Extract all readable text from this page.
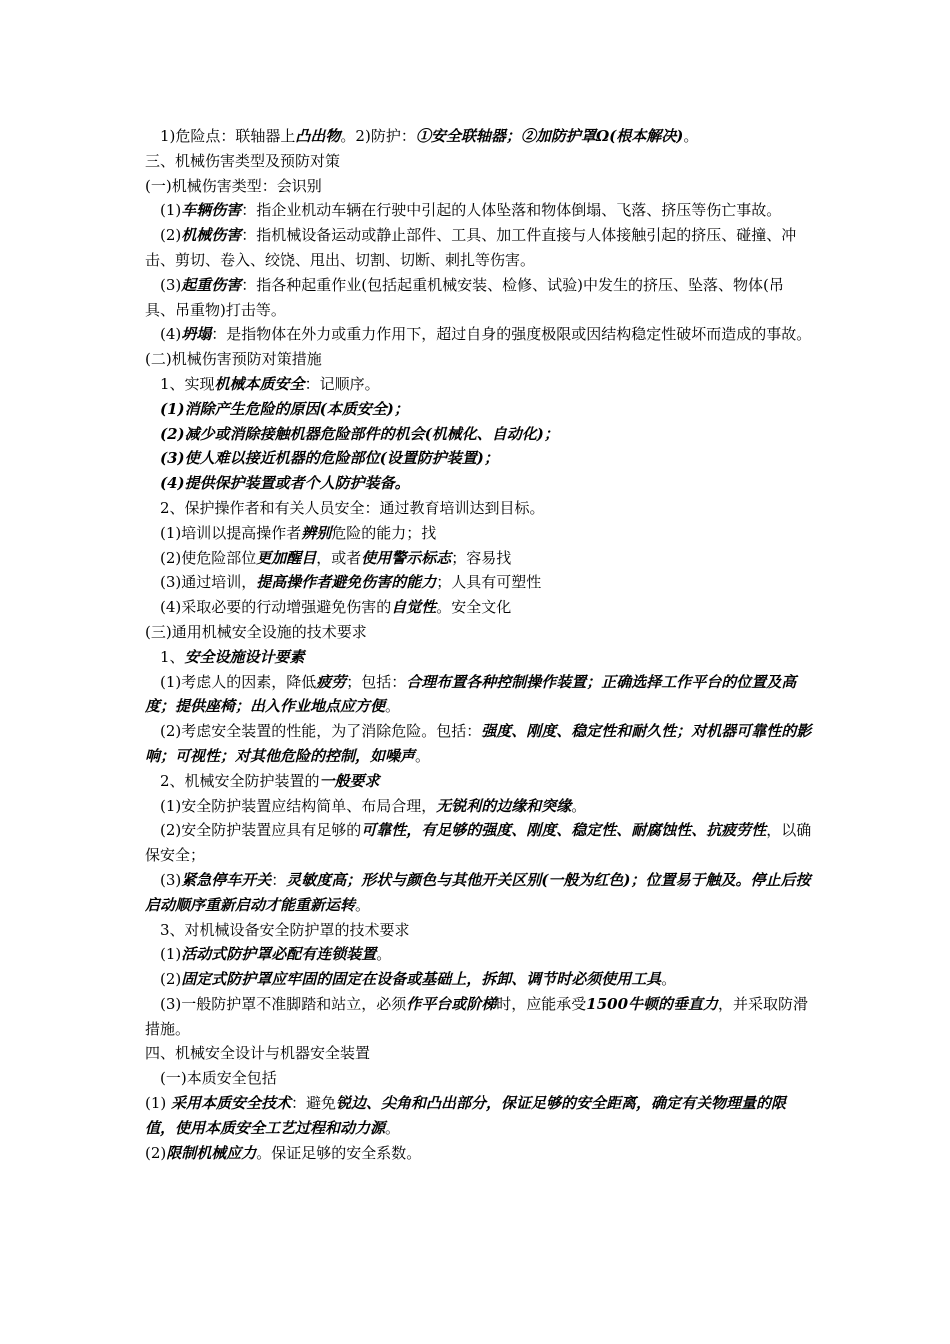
1)危险点：联轴器上凸出物。2)防护：①安全联轴器；②加防护罩Ω(根本解决)。

三、机械伤害类型及预防对策

(一)机械伤害类型：会识别

(1)车辆伤害：指企业机动车辆在行驶中引起的人体坠落和物体倒塌、飞落、挤压等伤亡事故。

(2)机械伤害：指机械设备运动或静止部件、工具、加工件直接与人体接触引起的挤压、碰撞、冲击、剪切、卷入、绞饶、甩出、切割、切断、刺扎等伤害。

(3)起重伤害：指各种起重作业(包括起重机械安装、检修、试验)中发生的挤压、坠落、物体(吊具、吊重物)打击等。

(4)坍塌：是指物体在外力或重力作用下，超过自身的强度极限或因结构稳定性破坏而造成的事故。

(二)机械伤害预防对策措施

1、实现机械本质安全：记顺序。

(1)消除产生危险的原因(本质安全)；

(2)减少或消除接触机器危险部件的机会(机械化、自动化)；

(3)使人难以接近机器的危险部位(设置防护装置)；

(4)提供保护装置或者个人防护装备。

2、保护操作者和有关人员安全：通过教育培训达到目标。

(1)培训以提高操作者辨别危险的能力；找

(2)使危险部位更加醒目，或者使用警示标志；容易找

(3)通过培训，提高操作者避免伤害的能力；人具有可塑性

(4)采取必要的行动增强避免伤害的自觉性。安全文化

(三)通用机械安全设施的技术要求

1、安全设施设计要素

(1)考虑人的因素，降低疲劳；包括：合理布置各种控制操作装置；正确选择工作平台的位置及高度；提供座椅；出入作业地点应方便。

(2)考虑安全装置的性能，为了消除危险。包括：强度、刚度、稳定性和耐久性；对机器可靠性的影响；可视性；对其他危险的控制，如噪声。

2、机械安全防护装置的一般要求

(1)安全防护装置应结构简单、布局合理，无锐利的边缘和突缘。

(2)安全防护装置应具有足够的可靠性，有足够的强度、刚度、稳定性、耐腐蚀性、抗疲劳性，以确保安全；

(3)紧急停车开关：灵敏度高；形状与颜色与其他开关区别(一般为红色)；位置易于触及。停止后按启动顺序重新启动才能重新运转。

3、对机械设备安全防护罩的技术要求

(1)活动式防护罩必配有连锁装置。

(2)固定式防护罩应牢固的固定在设备或基础上，拆卸、调节时必须使用工具。

(3)一般防护罩不准脚踏和站立，必须作平台或阶梯时，应能承受1500牛顿的垂直力，并采取防滑措施。

四、机械安全设计与机器安全装置

(一)本质安全包括

(1) 采用本质安全技术：避免锐边、尖角和凸出部分，保证足够的安全距离，确定有关物理量的限值，使用本质安全工艺过程和动力源。

(2)限制机械应力。保证足够的安全系数。
